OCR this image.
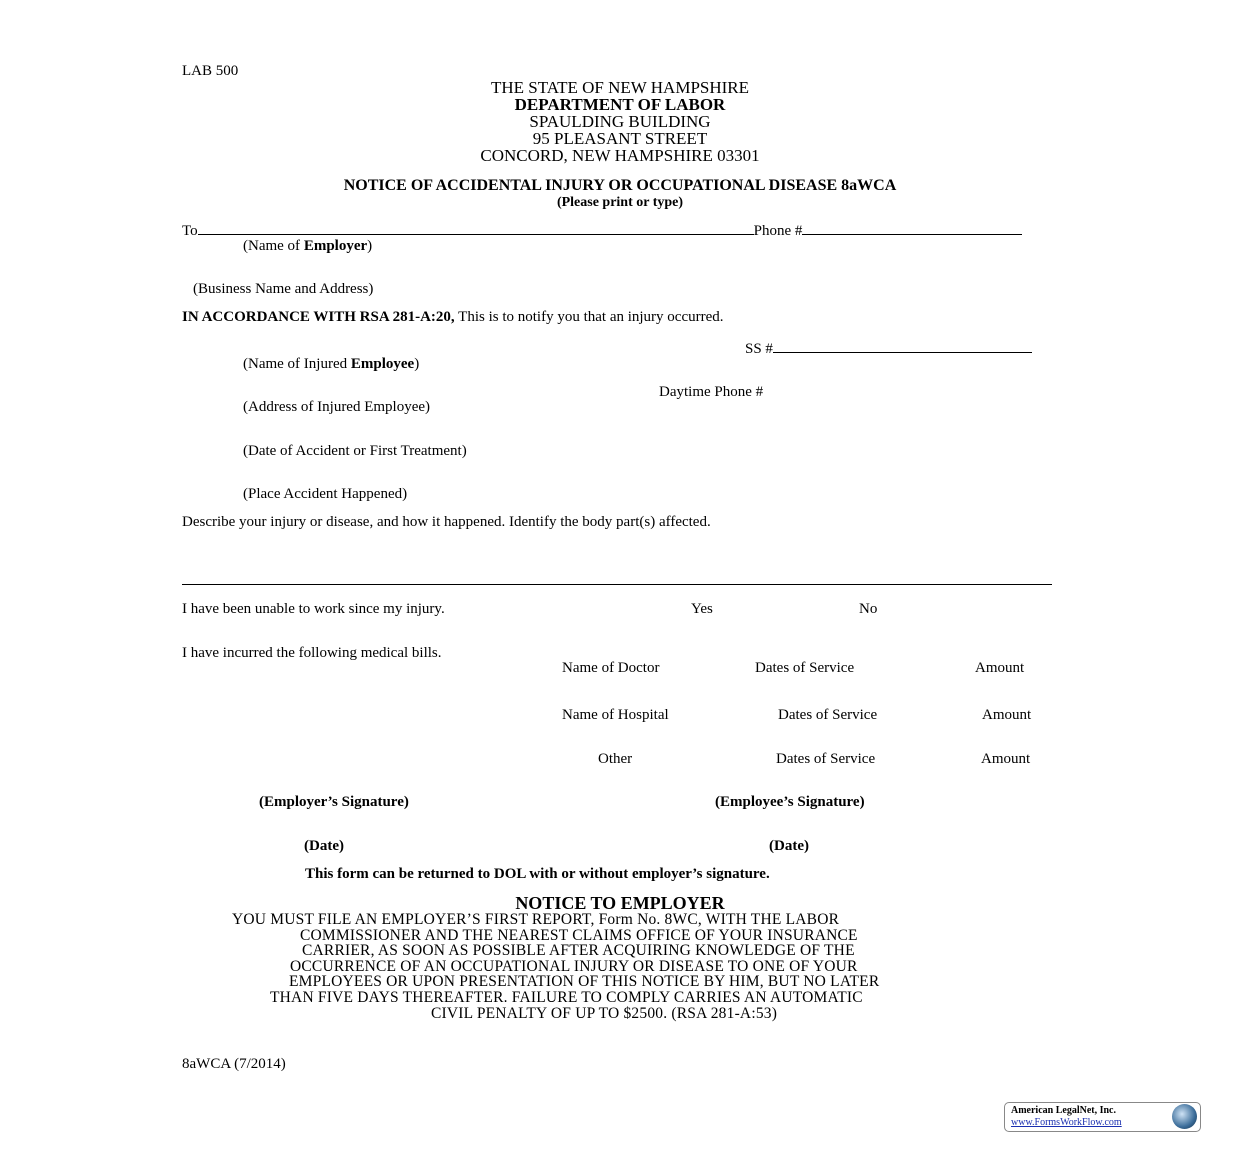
LAB 500
THE STATE OF NEW HAMPSHIRE
DEPARTMENT OF LABOR
SPAULDING BUILDING
95 PLEASANT STREET
CONCORD, NEW HAMPSHIRE 03301
NOTICE OF ACCIDENTAL INJURY OR OCCUPATIONAL DISEASE 8aWCA
(Please print or type)
To	Phone #
(Name of Employer)
(Business Name and Address)
IN ACCORDANCE WITH RSA 281-A:20, This is to notify you that an injury occurred.
SS #
(Name of Injured Employee)
Daytime Phone #
(Address of Injured Employee)
(Date of Accident or First Treatment)
(Place Accident Happened)
Describe your injury or disease, and how it happened. Identify the body part(s) affected.
I have been unable to work since my injury.	Yes	No
I have incurred the following medical bills.
Name of Doctor	Dates of Service	Amount
Name of Hospital	Dates of Service	Amount
Other	Dates of Service	Amount
(Employer’s Signature)	(Employee’s Signature)
(Date)	(Date)
This form can be returned to DOL with or without employer’s signature.
NOTICE TO EMPLOYER
YOU MUST FILE AN EMPLOYER’S FIRST REPORT, Form No. 8WC, WITH THE LABOR
COMMISSIONER AND THE NEAREST CLAIMS OFFICE OF YOUR INSURANCE
CARRIER, AS SOON AS POSSIBLE AFTER ACQUIRING KNOWLEDGE OF THE
OCCURRENCE OF AN OCCUPATIONAL INJURY OR DISEASE TO ONE OF YOUR
EMPLOYEES OR UPON PRESENTATION OF THIS NOTICE BY HIM, BUT NO LATER
THAN FIVE DAYS THEREAFTER. FAILURE TO COMPLY CARRIES AN AUTOMATIC
CIVIL PENALTY OF UP TO $2500. (RSA 281-A:53)
8aWCA (7/2014)
American LegalNet, Inc.
www.FormsWorkFlow.com
